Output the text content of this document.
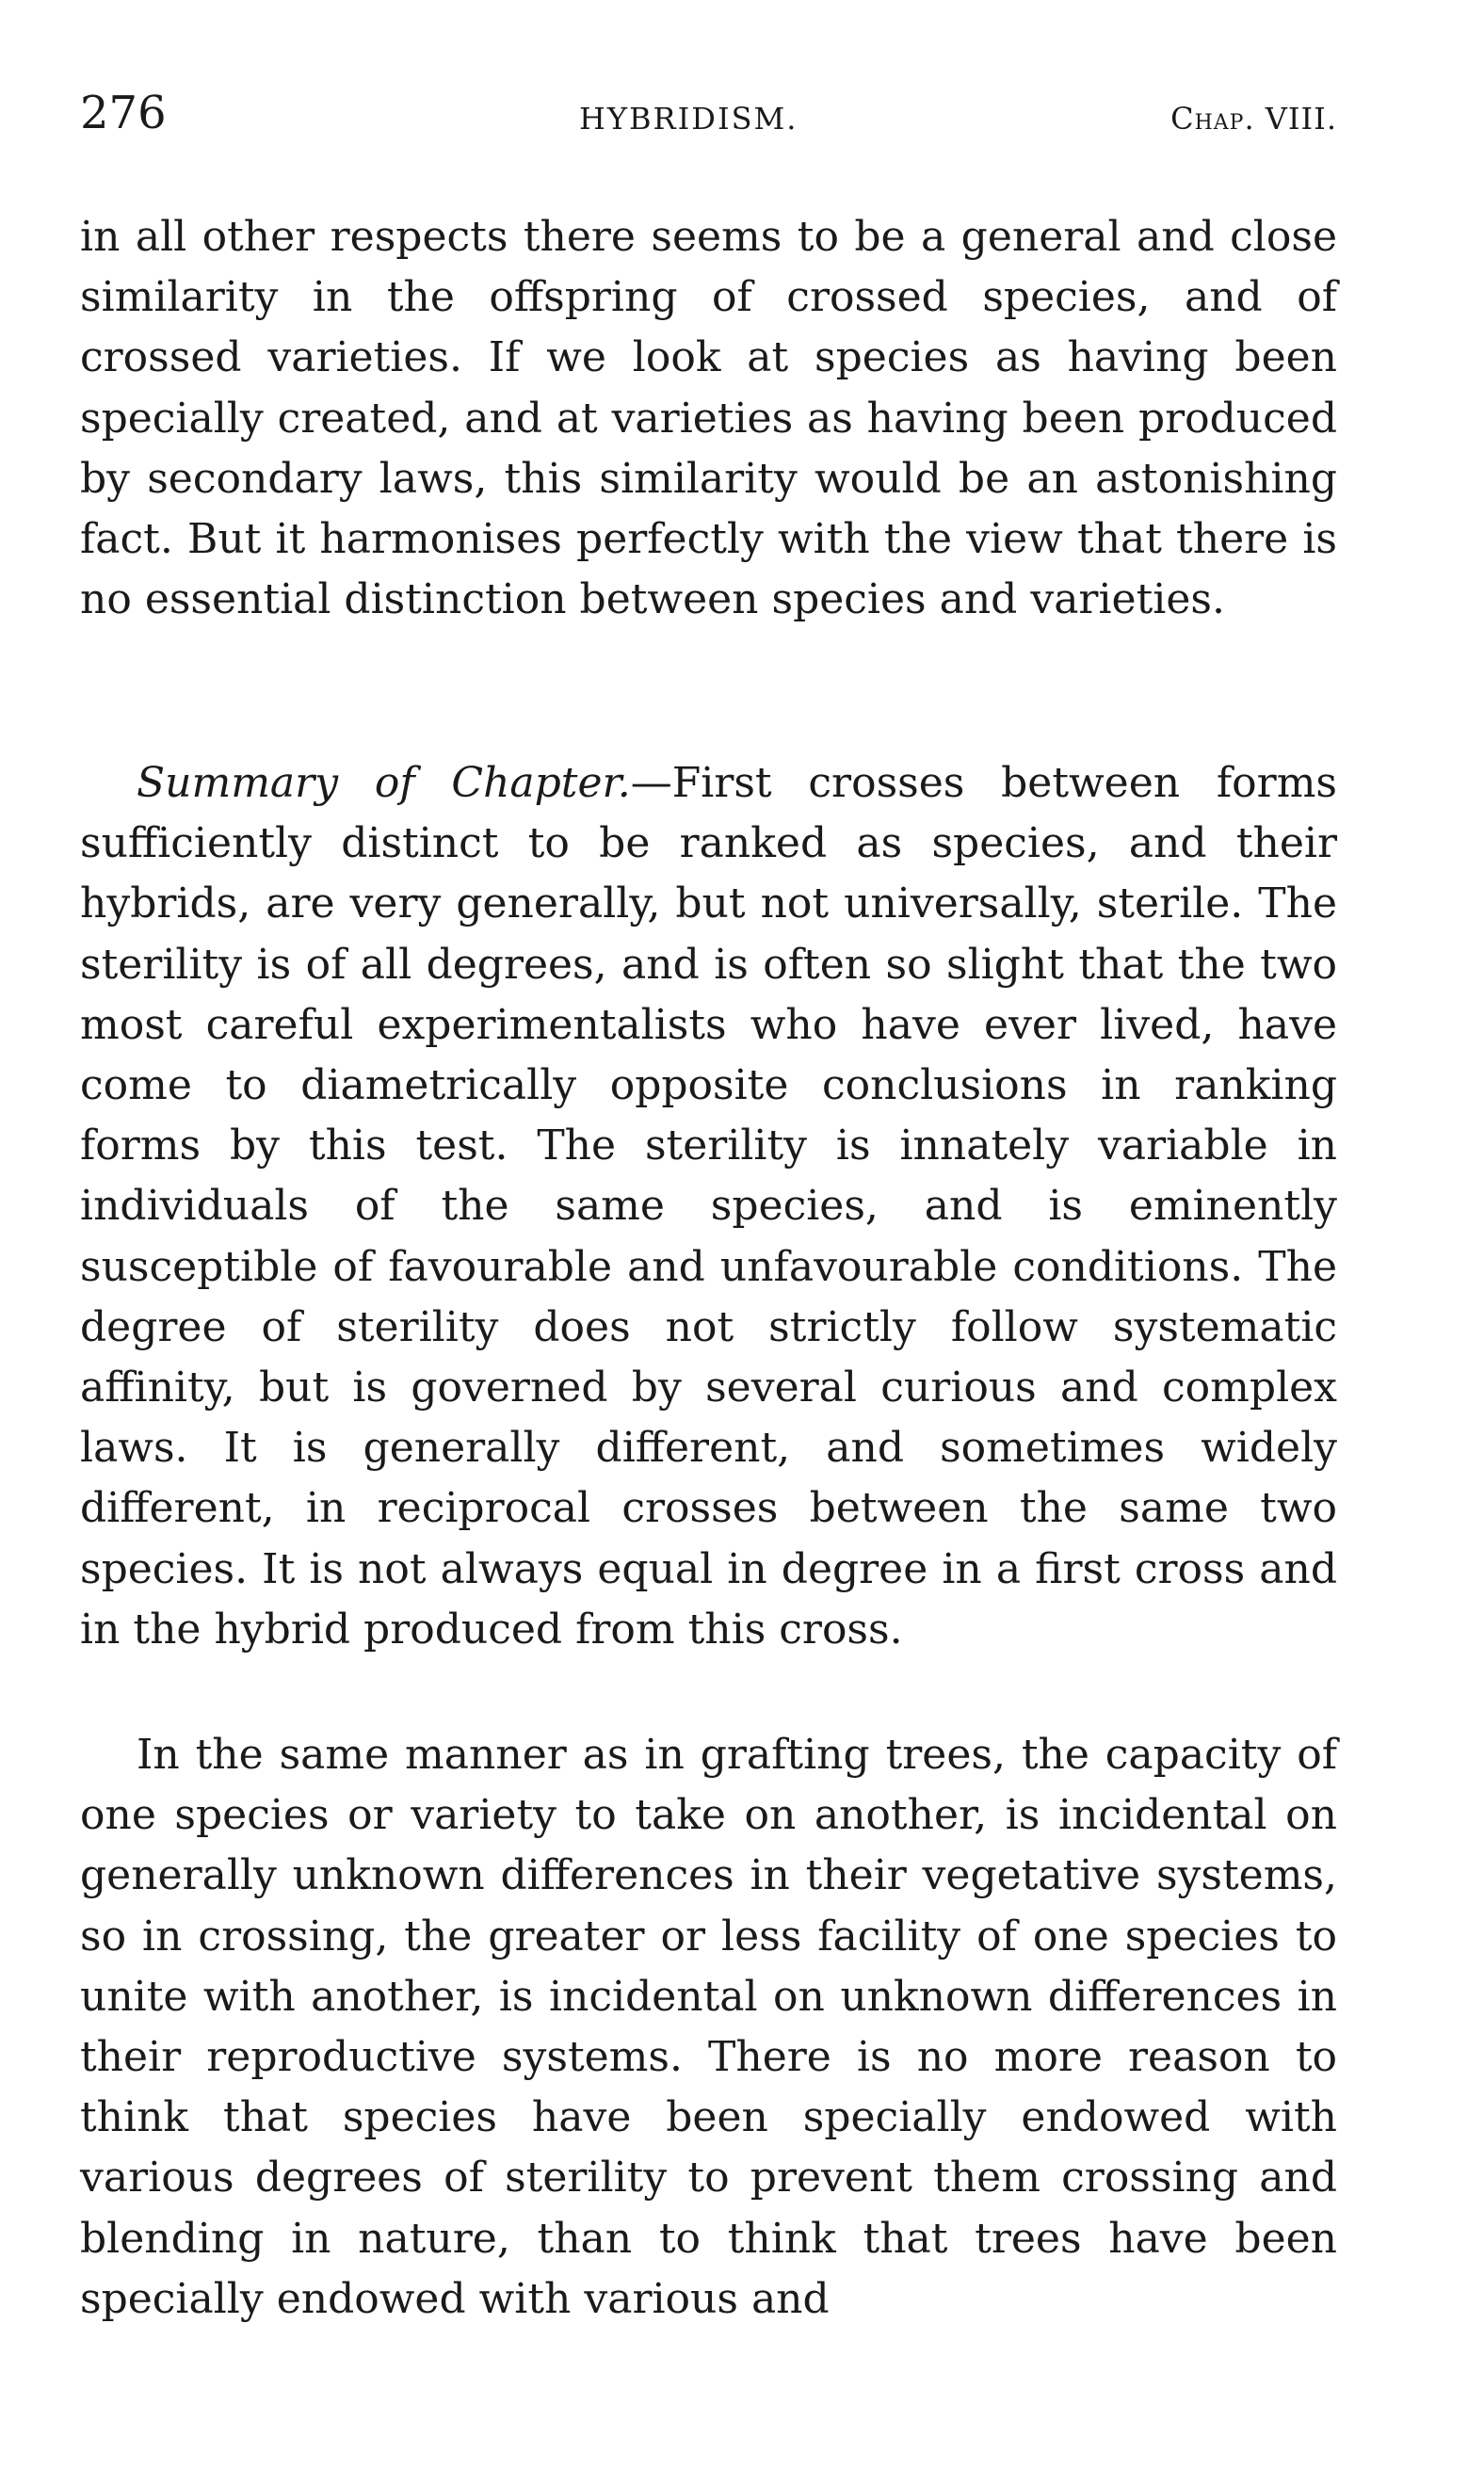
276	HYBRIDISM.	Chap. VIII.

in all other respects there seems to be a general and close similarity in the offspring of crossed species, and of crossed varieties. If we look at species as having been specially created, and at varieties as having been produced by secondary laws, this similarity would be an astonishing fact. But it harmonises perfectly with the view that there is no essential distinction between species and varieties.

Summary of Chapter.—First crosses between forms sufficiently distinct to be ranked as species, and their hybrids, are very generally, but not universally, sterile. The sterility is of all degrees, and is often so slight that the two most careful experimentalists who have ever lived, have come to diametrically opposite conclusions in ranking forms by this test. The sterility is innately variable in individuals of the same species, and is eminently susceptible of favourable and unfavourable conditions. The degree of sterility does not strictly follow systematic affinity, but is governed by several curious and complex laws. It is generally different, and sometimes widely different, in reciprocal crosses between the same two species. It is not always equal in degree in a first cross and in the hybrid produced from this cross.

In the same manner as in grafting trees, the capacity of one species or variety to take on another, is incidental on generally unknown differences in their vegetative systems, so in crossing, the greater or less facility of one species to unite with another, is incidental on unknown differences in their reproductive systems. There is no more reason to think that species have been specially endowed with various degrees of sterility to prevent them crossing and blending in nature, than to think that trees have been specially endowed with various and
